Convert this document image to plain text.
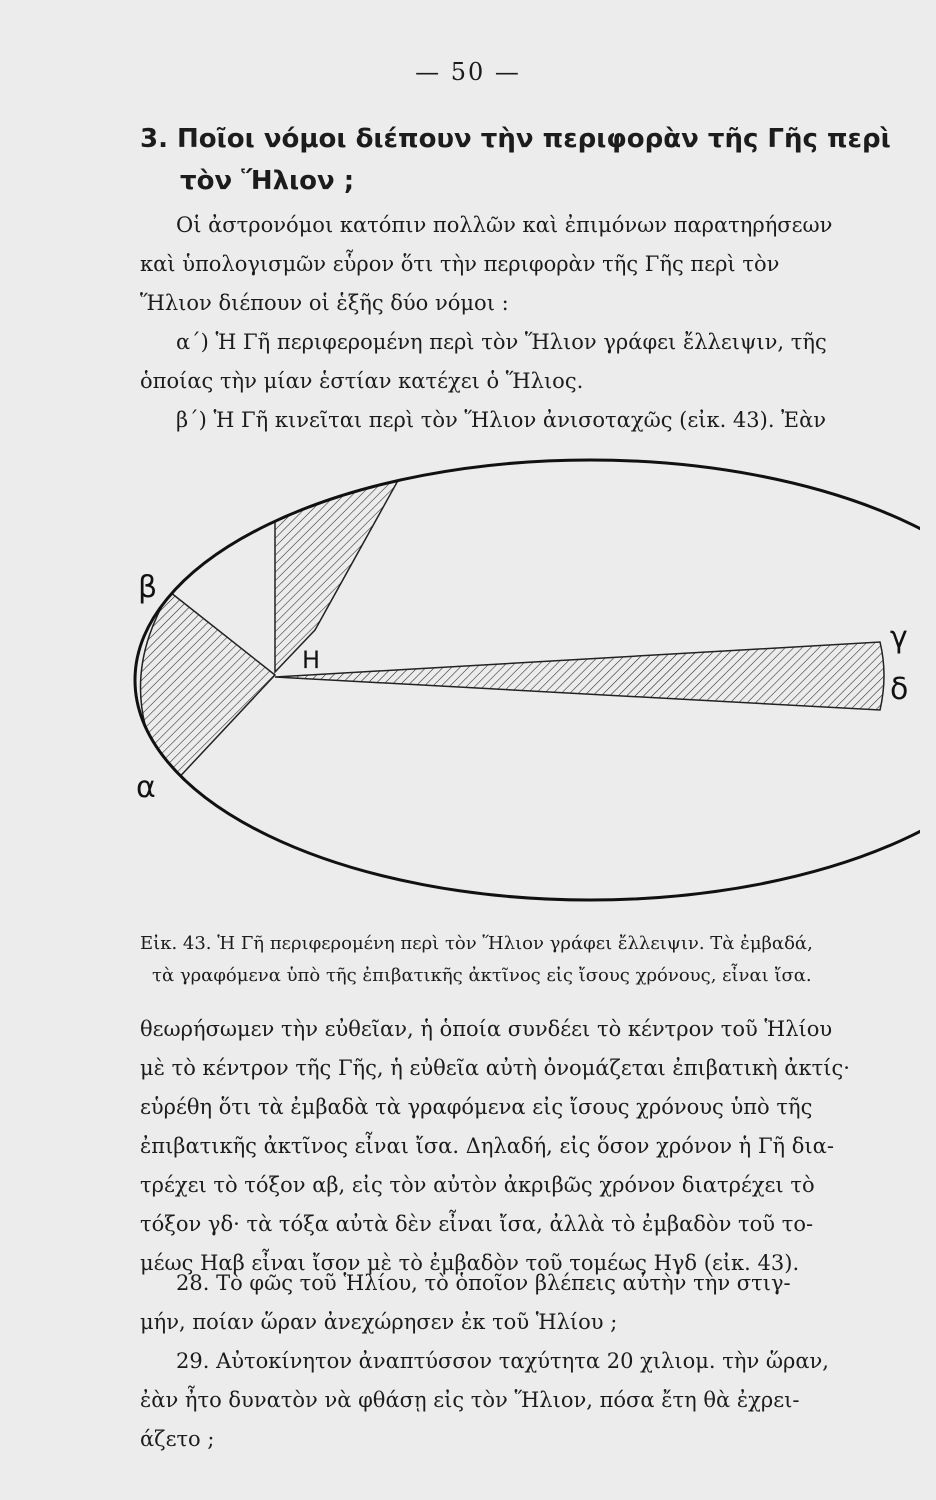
— 50 —
3. Ποῖοι νόμοι διέπουν τὴν περιφορὰν τῆς Γῆς περὶ
τὸν Ἥλιον ;
Οἱ ἀστρονόμοι κατόπιν πολλῶν καὶ ἐπιμόνων παρατηρήσεων
καὶ ὑπολογισμῶν εὗρον ὅτι τὴν περιφορὰν τῆς Γῆς περὶ τὸν
Ἥλιον διέπουν οἱ ἑξῆς δύο νόμοι :
α΄) Ἡ Γῆ περιφερομένη περὶ τὸν Ἥλιον γράφει ἔλλειψιν, τῆς
ὁποίας τὴν μίαν ἑστίαν κατέχει ὁ Ἥλιος.
β΄) Ἡ Γῆ κινεῖται περὶ τὸν Ἥλιον ἀνισοταχῶς (εἰκ. 43). Ἐὰν
β
Η
α
γ
δ
Εἰκ. 43. Ἡ Γῆ περιφερομένη περὶ τὸν Ἥλιον γράφει ἔλλειψιν. Τὰ ἐμβαδά,
τὰ γραφόμενα ὑπὸ τῆς ἐπιβατικῆς ἀκτῖνος εἰς ἴσους χρόνους, εἶναι ἴσα.
θεωρήσωμεν τὴν εὐθεῖαν, ἡ ὁποία συνδέει τὸ κέντρον τοῦ Ἡλίου
μὲ τὸ κέντρον τῆς Γῆς, ἡ εὐθεῖα αὐτὴ ὀνομάζεται ἐπιβατικὴ ἀκτίς·
εὑρέθη ὅτι τὰ ἐμβαδὰ τὰ γραφόμενα εἰς ἴσους χρόνους ὑπὸ τῆς
ἐπιβατικῆς ἀκτῖνος εἶναι ἴσα. Δηλαδή, εἰς ὅσον χρόνον ἡ Γῆ δια-
τρέχει τὸ τόξον αβ, εἰς τὸν αὐτὸν ἀκριβῶς χρόνον διατρέχει τὸ
τόξον γδ· τὰ τόξα αὐτὰ δὲν εἶναι ἴσα, ἀλλὰ τὸ ἐμβαδὸν τοῦ το-
μέως Ηαβ εἶναι ἴσον μὲ τὸ ἐμβαδὸν τοῦ τομέως Ηγδ (εἰκ. 43).
28. Τὸ φῶς τοῦ Ἡλίου, τὸ ὁποῖον βλέπεις αὐτὴν τὴν στιγ-
μήν, ποίαν ὥραν ἀνεχώρησεν ἐκ τοῦ Ἡλίου ;
29. Αὐτοκίνητον ἀναπτύσσον ταχύτητα 20 χιλιομ. τὴν ὥραν,
ἐὰν ἦτο δυνατὸν νὰ φθάσῃ εἰς τὸν Ἥλιον, πόσα ἔτη θὰ ἐχρει-
άζετο ;
